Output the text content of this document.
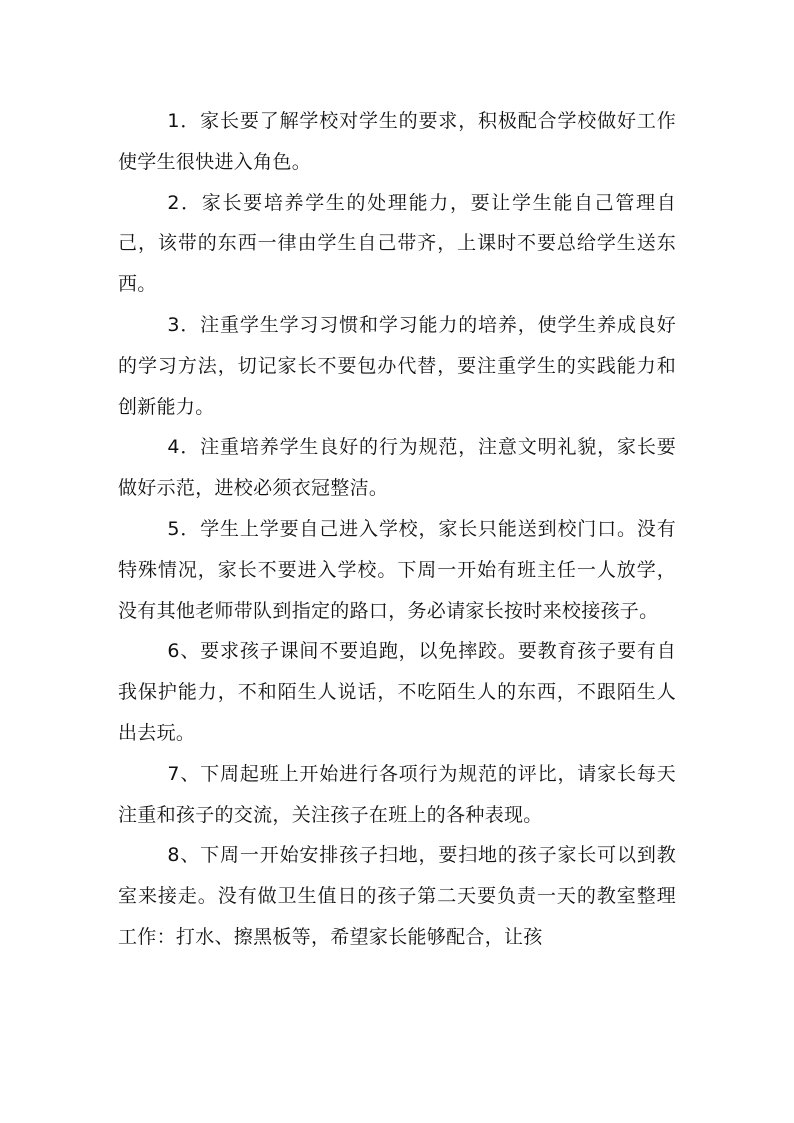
1．家长要了解学校对学生的要求，积极配合学校做好工作使学生很快进入角色。

2．家长要培养学生的处理能力，要让学生能自己管理自己，该带的东西一律由学生自己带齐，上课时不要总给学生送东西。

3．注重学生学习习惯和学习能力的培养，使学生养成良好的学习方法，切记家长不要包办代替，要注重学生的实践能力和创新能力。

4．注重培养学生良好的行为规范，注意文明礼貌，家长要做好示范，进校必须衣冠整洁。

5．学生上学要自己进入学校，家长只能送到校门口。没有特殊情况，家长不要进入学校。下周一开始有班主任一人放学，没有其他老师带队到指定的路口，务必请家长按时来校接孩子。

6、要求孩子课间不要追跑，以免摔跤。要教育孩子要有自我保护能力，不和陌生人说话，不吃陌生人的东西，不跟陌生人出去玩。

7、下周起班上开始进行各项行为规范的评比，请家长每天注重和孩子的交流，关注孩子在班上的各种表现。

8、下周一开始安排孩子扫地，要扫地的孩子家长可以到教室来接走。没有做卫生值日的孩子第二天要负责一天的教室整理工作：打水、擦黑板等，希望家长能够配合，让孩
